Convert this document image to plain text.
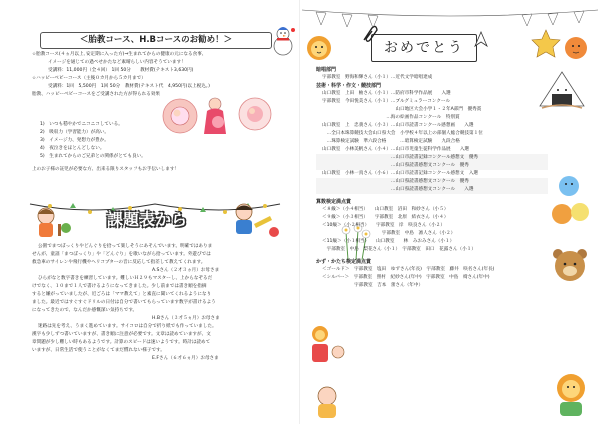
＜胎教コース、H.Bコースのお勧め！＞
☆胎教コース(４ヵ月以上､安定期に入った方)⇒生まれてからの健康の元になる食事、
イメージを通じての過ぺせかたなど素晴らしい内容そうています！
受講料：11,000円（全４回） 1回 50分　　教材費(テキスト3,630円)
☆ハッピーベビーコース（主後０カ月から５カ月まで）
受講料：1回　5,500円　1回 50分　教材費(テキスト代　4,950円(以上税込。)
胎教、ハッピーベビーコースをご受講された方が得られる効果
1)　いつも穏やかでニコニコしている。
2)　吸収力（学習能力）が高い。
3)　イメージ力、発想力が豊か。
4)　夜泣きをほとんどしない。
5)　生まれてからのご兄弟との関係がとても良い。
上のお子様の託児が必要な方、出来る限りスタッフもお手伝いします！
課題表から
公園でまつぼっくりやどんぐりを拾って楽しそうにあそんでいます。明確ではありま
せんが、童謡「まつぼっくり」や「どんぐり」を歌いながら拾っています。外遊びでは
救急車のサイレンや飛行機やヘリコプターの音に反応して指差して教えてくれます。
A.Sさん（２才３ヵ月）お母さま
ひらがなと数字書きを練習しています。難しいＨ２９もマスターし、上からなぞるだ
けでなく、１０まで１人で書けるようになってきました。少し前までは書き順を指摘
すると嫌がっていましたが、近ごろは「ママ教えて」と素直に聞いてくれるようになり
ました。最近ではすぐすぐドリルの日付は自分で書いてもらっています数字が書けるよう
になってきたので、なんだか感慨深い気持ちです。
H.Bさん（３才５ヵ月）お母さま
迷路は先を考え、うまく進めています。サイコロは自分で折り紙でも作っていました。
漢字も少しずつ書いていますが、書き順に注意が必要です。文章は読めていますが、文
章問題が少し難しい時もあるようです。計算のスピードは速いようです。時計は読めて
いますが、日常生活で使うことがなくてまだ慣れない様子です。
E.Fさん（６才６ヵ月）お母さま
おめでとう
暗唱部門
宇部教室　野海和輝さん（小１）…近代文学暗唱達成
芸術・科学・作文・競技部門
山口教室　上田　柚さん（小１）…防府市科学作品展　　入選
宇部教室　今田悦美さん（小１）…ブルグミュラーコンクール
　　　　　　　　　　　　　　　　山口地区大会小学１・２年A部門　優秀賞
　　　　　　　　　　　　　　…海の絵画作品コンクール　特別賞
山口教室　上　忠義さん（小３）…山口市読書コンクール感想画　　入選
　…全日本珠算競技大会山口県大会　小学校４年以上の部個人総合競技第１位
　…珠算検定試験　準六段合格　　　…暗算検定試験　　九段合格
山口教室　小林美帆さん（小４）…山口市児童生徒科学作品展　　入選
　　　　　　　　　　　　　　　…山口市読書記録コンクール感想文　優秀
　　　　　　　　　　　　　　　…山口県読書感想文コンクール　優秀
山口教室　小林一真さん（小６）…山口市読書記録コンクール感想文　入選
　　　　　　　　　　　　　　　…山口県読書感想文コンクール　優秀
　　　　　　　　　　　　　　　…山口県読書感想文コンクール　　入選
算数検定満点賞
＜８級＞（小４相当）　　山口教室　沼田　和紗さん（小５）
＜９級＞（小３相当）　　宇部教室　北原　結衣さん（小４）
＜10級＞（小２相当）　　宇部教室　岸　咲良さん（小２）
　　　　　　　　　　　　　宇部教室　中島　凛人さん（小２）
＜11級＞（小１相当）　　山口教室　　林　みおみさん（小１）
　宇部教室　中島　梨花さん（小１）　宇部教室　田口　花露さん（小１）
かず・かたち検定満点賞
＜ゴールド＞　宇部教室　塩田　ゆずさん(年長)　宇部教室　藤井　咲名さん(年長)
＜シルバー＞　宇部教室　照村　紀紗さん(年中)　宇部教室　中島　綺さん(年中)
　　　　　　　宇部教室　吉本　蕾さん（年中）
